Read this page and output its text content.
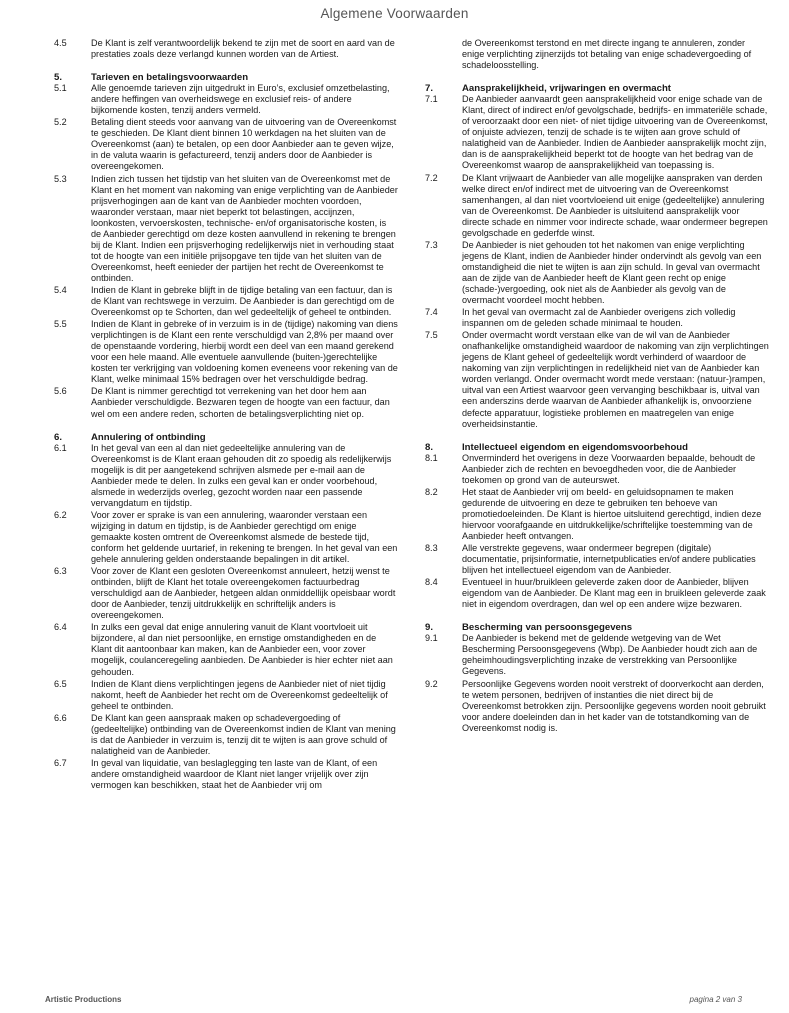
Algemene Voorwaarden
4.5	De Klant is zelf verantwoordelijk bekend te zijn met de soort en aard van de prestaties zoals deze verlangd kunnen worden van de Artiest.
5.	Tarieven en betalingsvoorwaarden
5.1	Alle genoemde tarieven zijn uitgedrukt in Euro’s, exclusief omzetbelasting, andere heffingen van overheidswege en exclusief reis- of andere bijkomende kosten, tenzij anders vermeld.
5.2	Betaling dient steeds voor aanvang van de uitvoering van de Overeenkomst te geschieden. De Klant dient binnen 10 werkdagen na het sluiten van de Overeenkomst (aan) te betalen, op een door Aanbieder aan te geven wijze, in de valuta waarin is gefactureerd, tenzij anders door de Aanbieder is overeengekomen.
5.3	Indien zich tussen het tijdstip van het sluiten van de Overeenkomst met de Klant en het moment van nakoming van enige verplichting van de Aanbieder prijsverhogingen aan de kant van de Aanbieder mochten voordoen, waaronder verstaan, maar niet beperkt tot belastingen, accijnzen, loonkosten, vervoerskosten, technische- en/of organisatorische kosten, is de Aanbieder gerechtigd om deze kosten aanvullend in rekening te brengen bij de Klant. Indien een prijsverhoging redelijkerwijs niet in verhouding staat tot de hoogte van een initiële prijsopgave ten tijde van het sluiten van de Overeenkomst, heeft eenieder der partijen het recht de Overeenkomst te ontbinden.
5.4	Indien de Klant in gebreke blijft in de tijdige betaling van een factuur, dan is de Klant van rechtswege in verzuim. De Aanbieder is dan gerechtigd om de Overeenkomst op te Schorten, dan wel gedeeltelijk of geheel te ontbinden.
5.5	Indien de Klant in gebreke of in verzuim is in de (tijdige) nakoming van diens verplichtingen is de Klant een rente verschuldigd van 2,8% per maand over de openstaande vordering, hierbij wordt een deel van een maand gerekend voor een hele maand. Alle eventuele aanvullende (buiten-)gerechtelijke kosten ter verkrijging van voldoening komen eveneens voor rekening van de Klant, welke minimaal 15% bedragen over het verschuldigde bedrag.
5.6	De Klant is nimmer gerechtigd tot verrekening van het door hem aan Aanbieder verschuldigde. Bezwaren tegen de hoogte van een factuur, dan wel om een andere reden, schorten de betalingsverplichting niet op.
6.	Annulering of ontbinding
6.1	In het geval van een al dan niet gedeeltelijke annulering van de Overeenkomst is de Klant eraan gehouden dit zo spoedig als redelijkerwijs mogelijk is dit per aangetekend schrijven alsmede per e-mail aan de Aanbieder mede te delen. In zulks een geval kan er onder voorbehoud, alsmede in wederzijds overleg, gezocht worden naar een passende vervangdatum en tijdstip.
6.2	Voor zover er sprake is van een annulering, waaronder verstaan een wijziging in datum en tijdstip, is de Aanbieder gerechtigd om enige gemaakte kosten omtrent de Overeenkomst alsmede de bestede tijd, conform het geldende uurtarief, in rekening te brengen. In het geval van een gehele annulering gelden onderstaande bepalingen in dit artikel.
6.3	Voor zover de Klant een gesloten Overeenkomst annuleert, hetzij wenst te ontbinden, blijft de Klant het totale overeengekomen factuurbedrag verschuldigd aan de Aanbieder, hetgeen aldan onmiddellijk opeisbaar wordt door de Aanbieder, tenzij uitdrukkelijk en schriftelijk anders is overeengekomen.
6.4	In zulks een geval dat enige annulering vanuit de Klant voortvloeit uit bijzondere, al dan niet persoonlijke, en ernstige omstandigheden en de Klant dit aantoonbaar kan maken, kan de Aanbieder een, voor zover mogelijk, coulanceregeling aanbieden. De Aanbieder is hier echter niet aan gehouden.
6.5	Indien de Klant diens verplichtingen jegens de Aanbieder niet of niet tijdig nakomt, heeft de Aanbieder het recht om de Overeenkomst gedeeltelijk of geheel te ontbinden.
6.6	De Klant kan geen aanspraak maken op schadevergoeding of (gedeeltelijke) ontbinding van de Overeenkomst indien de Klant van mening is dat de Aanbieder in verzuim is, tenzij dit te wijten is aan grove schuld of nalatigheid van de Aanbieder.
6.7	In geval van liquidatie, van beslaglegging ten laste van de Klant, of een andere omstandigheid waardoor de Klant niet langer vrijelijk over zijn vermogen kan beschikken, staat het de Aanbieder vrij om
de Overeenkomst terstond en met directe ingang te annuleren, zonder enige verplichting zijnerzijds tot betaling van enige schadevergoeding of schadeloosstelling.
7.	Aansprakelijkheid, vrijwaringen en overmacht
7.1	De Aanbieder aanvaardt geen aansprakelijkheid voor enige schade van de Klant, direct of indirect en/of gevolgschade, bedrijfs- en immateriële schade, of veroorzaakt door een niet- of niet tijdige uitvoering van de Overeenkomst, of onjuiste adviezen, tenzij de schade is te wijten aan grove schuld of nalatigheid van de Aanbieder. Indien de Aanbieder aansprakelijk mocht zijn, dan is de aansprakelijkheid beperkt tot de hoogte van het bedrag van de Overeenkomst waarop de aansprakelijkheid van toepassing is.
7.2	De Klant vrijwaart de Aanbieder van alle mogelijke aanspraken van derden welke direct en/of indirect met de uitvoering van de Overeenkomst samenhangen, al dan niet voortvloeiend uit enige (gedeeltelijke) annulering van de Overeenkomst. De Aanbieder is uitsluitend aansprakelijk voor directe schade en nimmer voor indirecte schade, waar ondermeer begrepen gevolgschade en gederfde winst.
7.3	De Aanbieder is niet gehouden tot het nakomen van enige verplichting jegens de Klant, indien de Aanbieder hinder ondervindt als gevolg van een omstandigheid die niet te wijten is aan zijn schuld. In geval van overmacht aan de zijde van de Aanbieder heeft de Klant geen recht op enige (schade-)vergoeding, ook niet als de Aanbieder als gevolg van de overmacht voordeel mocht hebben.
7.4	In het geval van overmacht zal de Aanbieder overigens zich volledig inspannen om de geleden schade minimaal te houden.
7.5	Onder overmacht wordt verstaan elke van de wil van de Aanbieder onafhankelijke omstandigheid waardoor de nakoming van zijn verplichtingen jegens de Klant geheel of gedeeltelijk wordt verhinderd of waardoor de nakoming van zijn verplichtingen in redelijkheid niet van de Aanbieder kan worden verlangd. Onder overmacht wordt mede verstaan: (natuur-)rampen, uitval van een Artiest waarvoor geen vervanging beschikbaar is, uitval van een anderszins derde waarvan de Aanbieder afhankelijk is, onvoorziene defecte apparatuur, logistieke problemen en maatregelen van enige overheidsinstantie.
8.	Intellectueel eigendom en eigendomsvoorbehoud
8.1	Onverminderd het overigens in deze Voorwaarden bepaalde, behoudt de Aanbieder zich de rechten en bevoegdheden voor, die de Aanbieder toekomen op grond van de auteurswet.
8.2	Het staat de Aanbieder vrij om beeld- en geluidsopnamen te maken gedurende de uitvoering en deze te gebruiken ten behoeve van promotiedoeleinden. De Klant is hiertoe uitsluitend gerechtigd, indien deze hiervoor voorafgaande en uitdrukkelijke/schriftelijke toestemming van de Aanbieder heeft ontvangen.
8.3	Alle verstrekte gegevens, waar ondermeer begrepen (digitale) documentatie, prijsinformatie, internetpublicaties en/of andere publicaties blijven het intellectueel eigendom van de Aanbieder.
8.4	Eventueel in huur/bruikleen geleverde zaken door de Aanbieder, blijven eigendom van de Aanbieder. De Klant mag een in bruikleen geleverde zaak niet in eigendom overdragen, dan wel op een andere wijze bezwaren.
9.	Bescherming van persoonsgegevens
9.1	De Aanbieder is bekend met de geldende wetgeving van de Wet Bescherming Persoonsgegevens (Wbp). De Aanbieder houdt zich aan de geheimhoudingsverplichting inzake de verstrekking van Persoonlijke Gegevens.
9.2	Persoonlijke Gegevens worden nooit verstrekt of doorverkocht aan derden, te wetem personen, bedrijven of instanties die niet direct bij de Overeenkomst betrokken zijn. Persoonlijke gegevens worden nooit gebruikt voor andere doeleinden dan in het kader van de totstandkoming van de Overeenkomst nodig is.
Artistic Productions	pagina 2 van 3
